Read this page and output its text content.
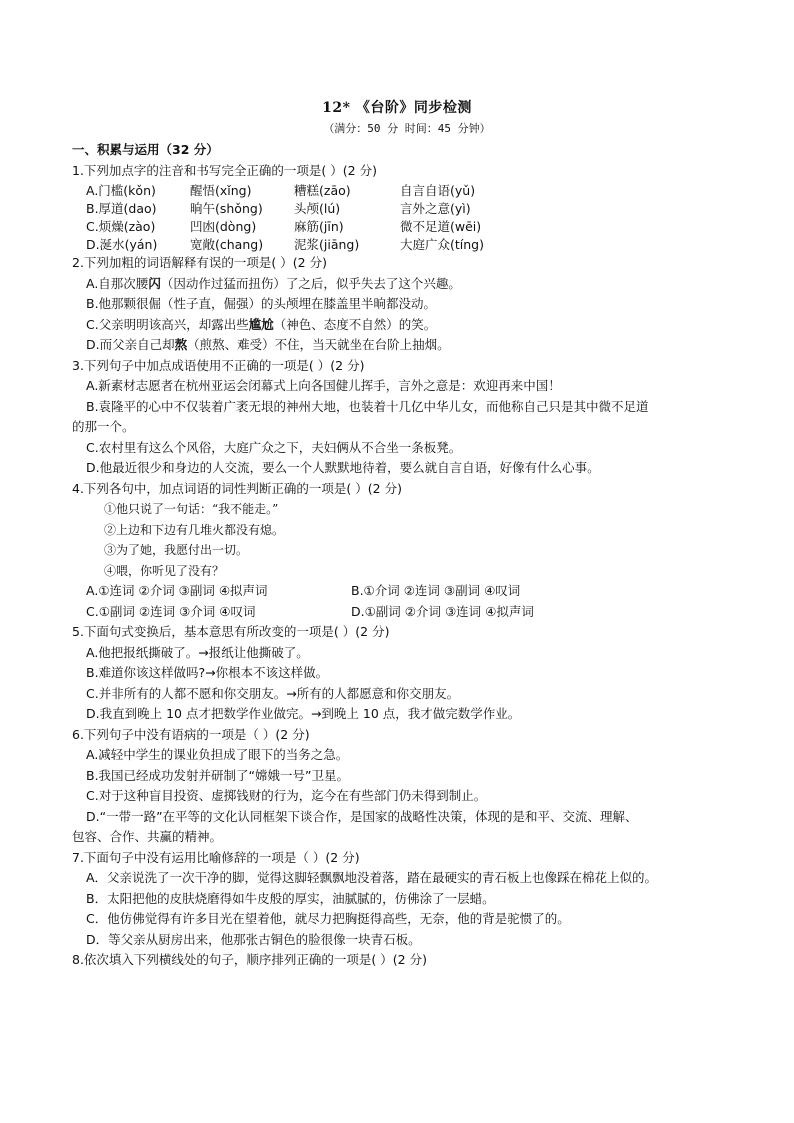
12* 《台阶》同步检测
（满分：50 分 时间：45 分钟）
一、积累与运用（32 分）
1.下列加点字的注音和书写完全正确的一项是( ）(2 分)
A.门槛(kǒn)	醒悟(xǐng)	糟糕(zāo)	自言自语(yǔ)
B.厚道(dao)	晌午(shǒng)	头颅(lú)	言外之意(yì)
C.烦燥(zào)	凹凼(dòng)	麻筋(jīn)	微不足道(wēi)
D.涎水(yán)	宽敞(chang)	泥浆(jiāng)	大庭广众(tíng)
2.下列加粗的词语解释有误的一项是( ）(2 分)
A.自那次腰闪（因动作过猛而扭伤）了之后，似乎失去了这个兴趣。
B.他那颗很倔（性子直，倔强）的头颅埋在膝盖里半晌都没动。
C.父亲明明该高兴，却露出些尴尬（神色、态度不自然）的笑。
D.而父亲自己却熬（煎熬、难受）不住，当天就坐在台阶上抽烟。
3.下列句子中加点成语使用不正确的一项是( ）(2 分)
A.新素材志愿者在杭州亚运会闭幕式上向各国健儿挥手，言外之意是：欢迎再来中国！
B.袁隆平的心中不仅装着广袤无垠的神州大地，也装着十几亿中华儿女，而他称自己只是其中微不足道
的那一个。
C.农村里有这么个风俗，大庭广众之下，夫妇俩从不合坐一条板凳。
D.他最近很少和身边的人交流，要么一个人默默地待着，要么就自言自语，好像有什么心事。
4.下列各句中，加点词语的词性判断正确的一项是( ）(2 分)
①他只说了一句话：“我不能走。”
②上边和下边有几堆火都没有熄。
③为了她，我愿付出一切。
④喂，你听见了没有？
A.①连词 ②介词 ③副词 ④拟声词	B.①介词 ②连词 ③副词 ④叹词
C.①副词 ②连词 ③介词 ④叹词	D.①副词 ②介词 ③连词 ④拟声词
5.下面句式变换后，基本意思有所改变的一项是( ）(2 分)
A.他把报纸撕破了。→报纸让他撕破了。
B.难道你该这样做吗?→你根本不该这样做。
C.并非所有的人都不愿和你交朋友。→所有的人都愿意和你交朋友。
D.我直到晚上 10 点才把数学作业做完。→到晚上 10 点，我才做完数学作业。
6.下列句子中没有语病的一项是（ ）(2 分)
A.减轻中学生的课业负担成了眼下的当务之急。
B.我国已经成功发射并研制了“嫦娥一号”卫星。
C.对于这种盲目投资、虚掷钱财的行为，迄今在有些部门仍未得到制止。
D.“一带一路”在平等的文化认同框架下谈合作，是国家的战略性决策，体现的是和平、交流、理解、
包容、合作、共赢的精神。
7.下面句子中没有运用比喻修辞的一项是（ ）(2 分)
A．父亲说洗了一次干净的脚，觉得这脚轻飘飘地没着落，踏在最硬实的青石板上也像踩在棉花上似的。
B．太阳把他的皮肤烧磨得如牛皮般的厚实，油腻腻的，仿佛涂了一层蜡。
C．他仿佛觉得有许多目光在望着他，就尽力把胸挺得高些，无奈，他的背是驼惯了的。
D．等父亲从厨房出来，他那张古铜色的脸很像一块青石板。
8.依次填入下列横线处的句子，顺序排列正确的一项是( ）(2 分)
